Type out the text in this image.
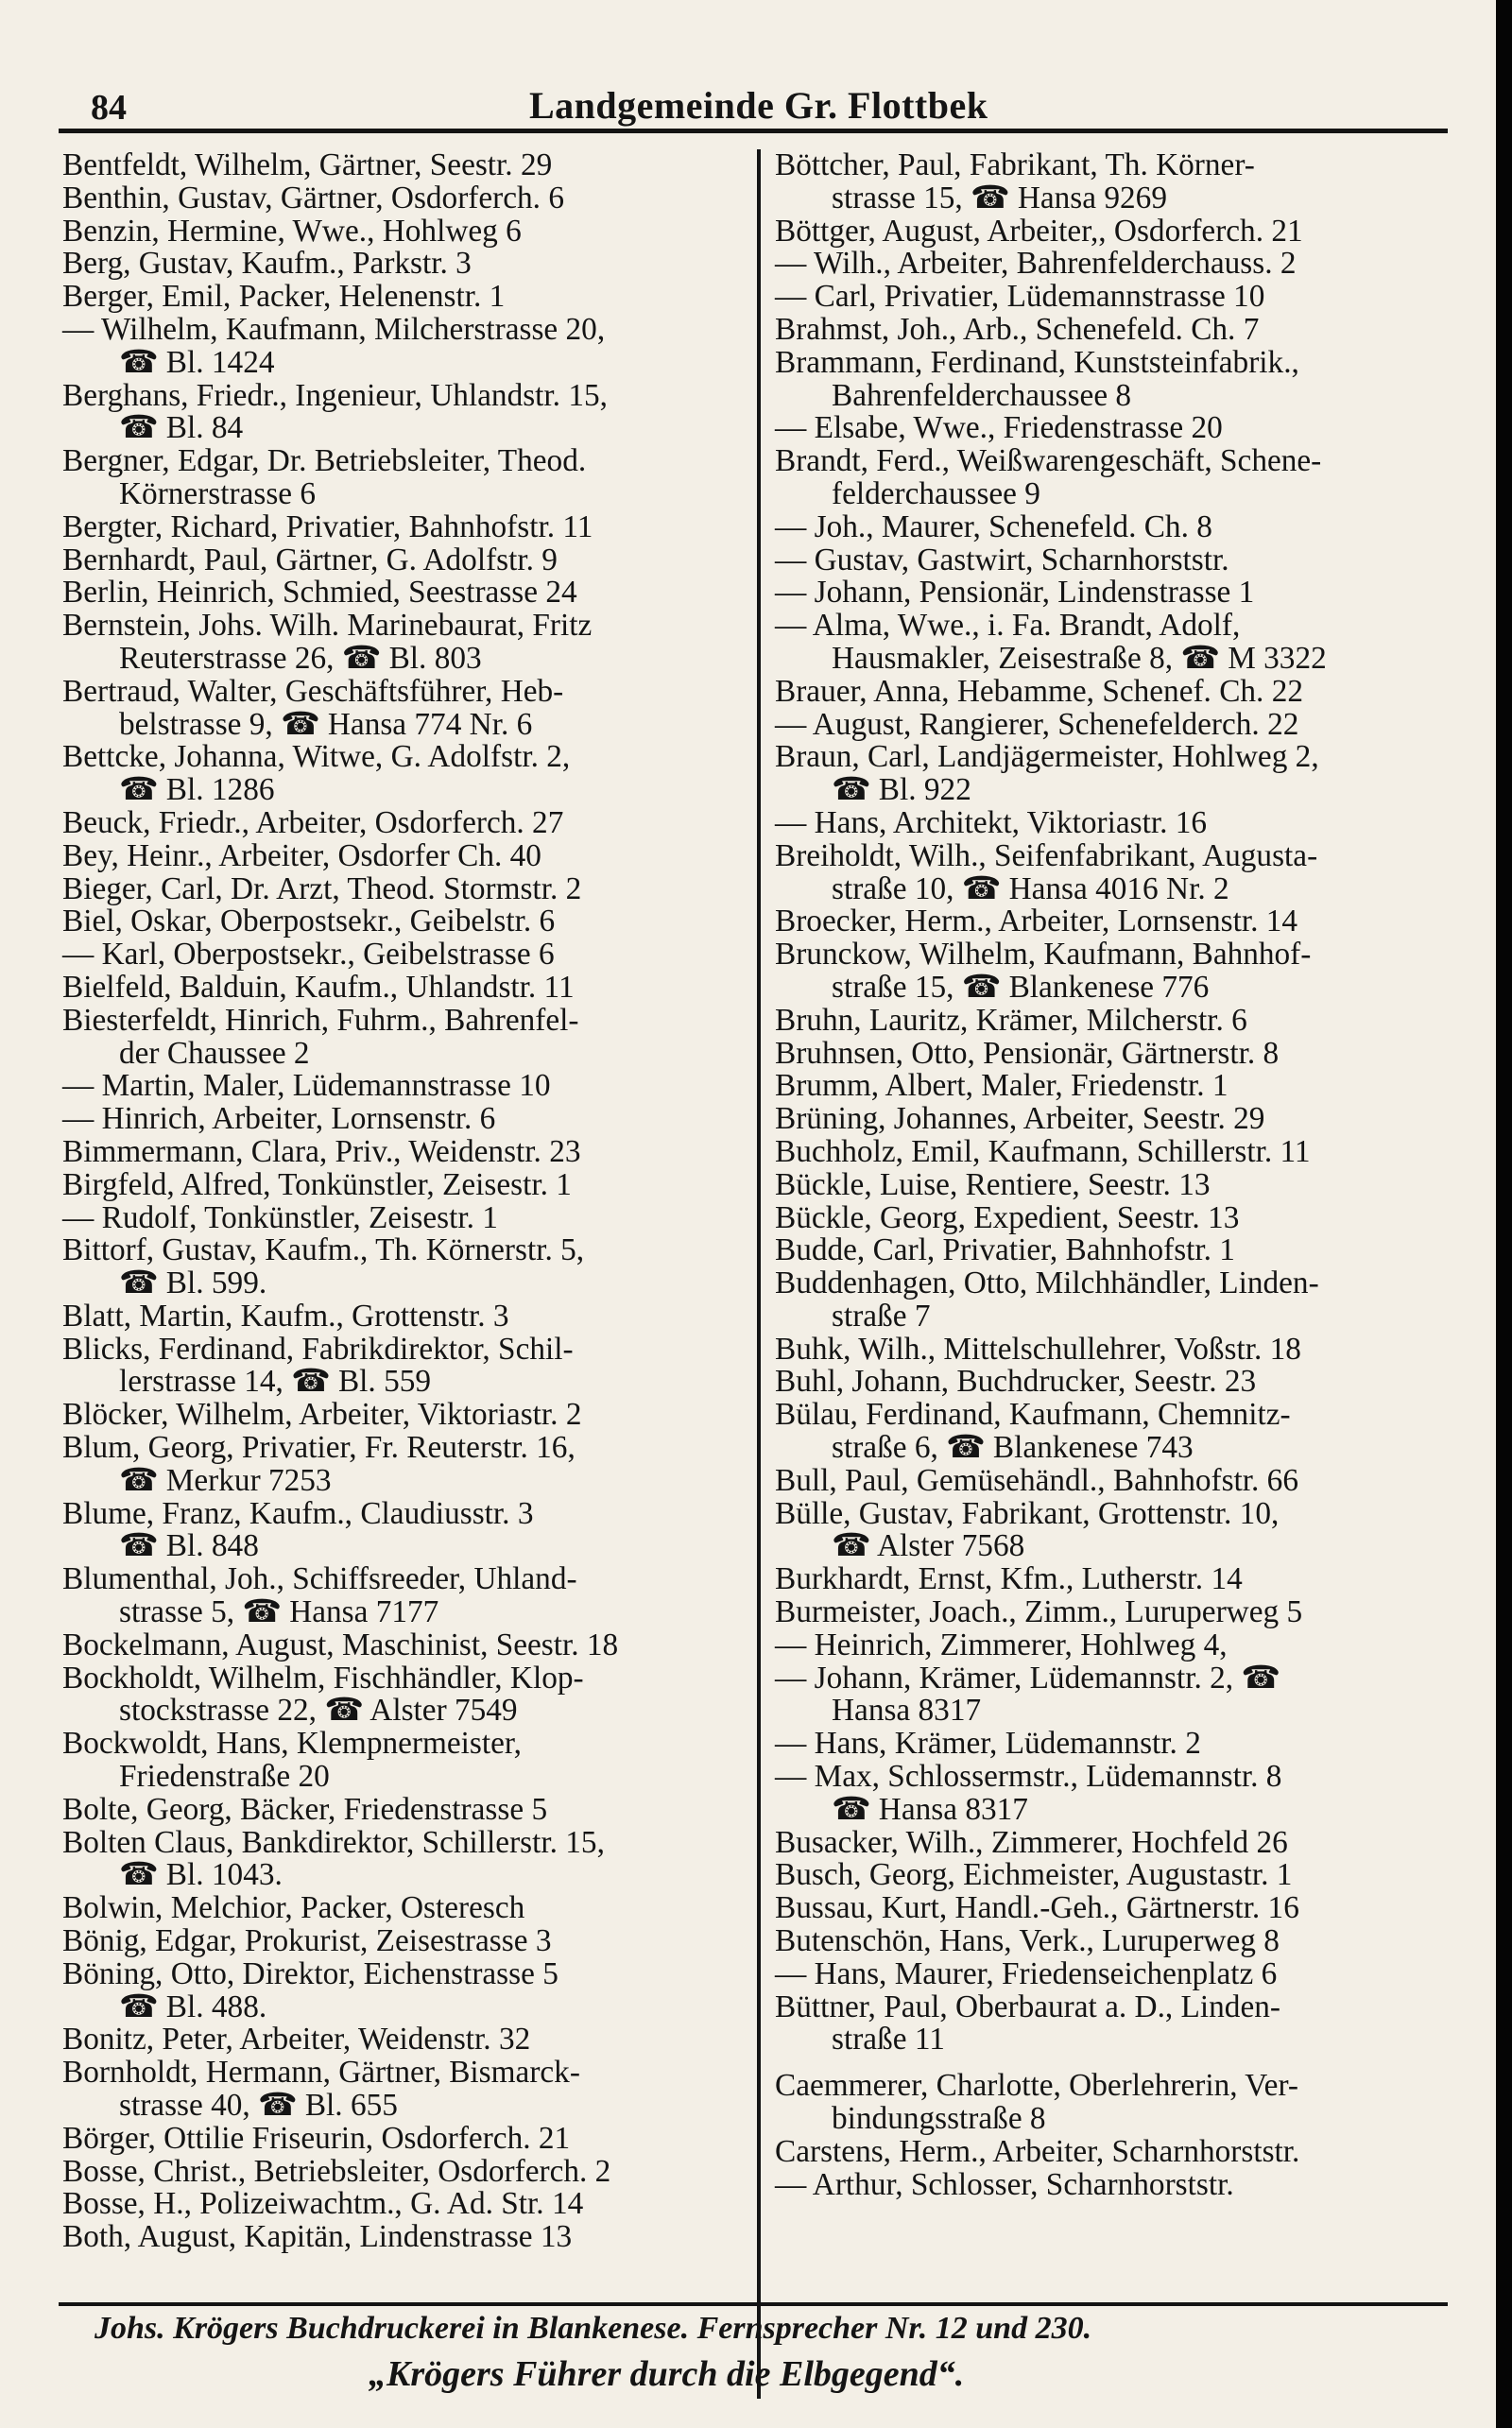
84	Landgemeinde Gr. Flottbek
Bentfeldt, Wilhelm, Gärtner, Seestr. 29
Benthin, Gustav, Gärtner, Osdorferch. 6
Benzin, Hermine, Wwe., Hohlweg 6
Berg, Gustav, Kaufm., Parkstr. 3
Berger, Emil, Packer, Helenenstr. 1
— Wilhelm, Kaufmann, Milcherstrasse 20,
☎ Bl. 1424
Berghans, Friedr., Ingenieur, Uhlandstr. 15,
☎ Bl. 84
Bergner, Edgar, Dr. Betriebsleiter, Theod.
Körnerstrasse 6
Bergter, Richard, Privatier, Bahnhofstr. 11
Bernhardt, Paul, Gärtner, G. Adolfstr. 9
Berlin, Heinrich, Schmied, Seestrasse 24
Bernstein, Johs. Wilh. Marinebaurat, Fritz
Reuterstrasse 26, ☎ Bl. 803
Bertraud, Walter, Geschäftsführer, Heb-
belstrasse 9, ☎ Hansa 774 Nr. 6
Bettcke, Johanna, Witwe, G. Adolfstr. 2,
☎ Bl. 1286
Beuck, Friedr., Arbeiter, Osdorferch. 27
Bey, Heinr., Arbeiter, Osdorfer Ch. 40
Bieger, Carl, Dr. Arzt, Theod. Stormstr. 2
Biel, Oskar, Oberpostsekr., Geibelstr. 6
— Karl, Oberpostsekr., Geibelstrasse 6
Bielfeld, Balduin, Kaufm., Uhlandstr. 11
Biesterfeldt, Hinrich, Fuhrm., Bahrenfel-
der Chaussee 2
— Martin, Maler, Lüdemannstrasse 10
— Hinrich, Arbeiter, Lornsenstr. 6
Bimmermann, Clara, Priv., Weidenstr. 23
Birgfeld, Alfred, Tonkünstler, Zeisestr. 1
— Rudolf, Tonkünstler, Zeisestr. 1
Bittorf, Gustav, Kaufm., Th. Körnerstr. 5,
☎ Bl. 599.
Blatt, Martin, Kaufm., Grottenstr. 3
Blicks, Ferdinand, Fabrikdirektor, Schil-
lerstrasse 14, ☎ Bl. 559
Blöcker, Wilhelm, Arbeiter, Viktoriastr. 2
Blum, Georg, Privatier, Fr. Reuterstr. 16,
☎ Merkur 7253
Blume, Franz, Kaufm., Claudiusstr. 3
☎ Bl. 848
Blumenthal, Joh., Schiffsreeder, Uhland-
strasse 5, ☎ Hansa 7177
Bockelmann, August, Maschinist, Seestr. 18
Bockholdt, Wilhelm, Fischhändler, Klop-
stockstrasse 22, ☎ Alster 7549
Bockwoldt, Hans, Klempnermeister,
Friedenstraße 20
Bolte, Georg, Bäcker, Friedenstrasse 5
Bolten Claus, Bankdirektor, Schillerstr. 15,
☎ Bl. 1043.
Bolwin, Melchior, Packer, Osteresch
Bönig, Edgar, Prokurist, Zeisestrasse 3
Böning, Otto, Direktor, Eichenstrasse 5
☎ Bl. 488.
Bonitz, Peter, Arbeiter, Weidenstr. 32
Bornholdt, Hermann, Gärtner, Bismarck-
strasse 40, ☎ Bl. 655
Börger, Ottilie Friseurin, Osdorferch. 21
Bosse, Christ., Betriebsleiter, Osdorferch. 2
Bosse, H., Polizeiwachtm., G. Ad. Str. 14
Both, August, Kapitän, Lindenstrasse 13
Böttcher, Paul, Fabrikant, Th. Körner-
strasse 15, ☎ Hansa 9269
Böttger, August, Arbeiter,, Osdorferch. 21
— Wilh., Arbeiter, Bahrenfelderchauss. 2
— Carl, Privatier, Lüdemannstrasse 10
Brahmst, Joh., Arb., Schenefeld. Ch. 7
Brammann, Ferdinand, Kunststeinfabrik.,
Bahrenfelderchaussee 8
— Elsabe, Wwe., Friedenstrasse 20
Brandt, Ferd., Weißwarengeschäft, Schene-
felderchaussee 9
— Joh., Maurer, Schenefeld. Ch. 8
— Gustav, Gastwirt, Scharnhorststr.
— Johann, Pensionär, Lindenstrasse 1
— Alma, Wwe., i. Fa. Brandt, Adolf,
Hausmakler, Zeisestraße 8, ☎ M 3322
Brauer, Anna, Hebamme, Schenef. Ch. 22
— August, Rangierer, Schenefelderch. 22
Braun, Carl, Landjägermeister, Hohlweg 2,
☎ Bl. 922
— Hans, Architekt, Viktoriastr. 16
Breiholdt, Wilh., Seifenfabrikant, Augusta-
straße 10, ☎ Hansa 4016 Nr. 2
Broecker, Herm., Arbeiter, Lornsenstr. 14
Brunckow, Wilhelm, Kaufmann, Bahnhof-
straße 15, ☎ Blankenese 776
Bruhn, Lauritz, Krämer, Milcherstr. 6
Bruhnsen, Otto, Pensionär, Gärtnerstr. 8
Brumm, Albert, Maler, Friedenstr. 1
Brüning, Johannes, Arbeiter, Seestr. 29
Buchholz, Emil, Kaufmann, Schillerstr. 11
Bückle, Luise, Rentiere, Seestr. 13
Bückle, Georg, Expedient, Seestr. 13
Budde, Carl, Privatier, Bahnhofstr. 1
Buddenhagen, Otto, Milchhändler, Linden-
straße 7
Buhk, Wilh., Mittelschullehrer, Voßstr. 18
Buhl, Johann, Buchdrucker, Seestr. 23
Bülau, Ferdinand, Kaufmann, Chemnitz-
straße 6, ☎ Blankenese 743
Bull, Paul, Gemüsehändl., Bahnhofstr. 66
Bülle, Gustav, Fabrikant, Grottenstr. 10,
☎ Alster 7568
Burkhardt, Ernst, Kfm., Lutherstr. 14
Burmeister, Joach., Zimm., Luruperweg 5
— Heinrich, Zimmerer, Hohlweg 4,
— Johann, Krämer, Lüdemannstr. 2, ☎
Hansa 8317
— Hans, Krämer, Lüdemannstr. 2
— Max, Schlossermstr., Lüdemannstr. 8
☎ Hansa 8317
Busacker, Wilh., Zimmerer, Hochfeld 26
Busch, Georg, Eichmeister, Augustastr. 1
Bussau, Kurt, Handl.-Geh., Gärtnerstr. 16
Butenschön, Hans, Verk., Luruperweg 8
— Hans, Maurer, Friedenseichenplatz 6
Büttner, Paul, Oberbaurat a. D., Linden-
straße 11
Caemmerer, Charlotte, Oberlehrerin, Ver-
bindungsstraße 8
Carstens, Herm., Arbeiter, Scharnhorststr.
— Arthur, Schlosser, Scharnhorststr.
Johs. Krögers Buchdruckerei in Blankenese. Fernsprecher Nr. 12 und 230.
„Krögers Führer durch die Elbgegend“.
